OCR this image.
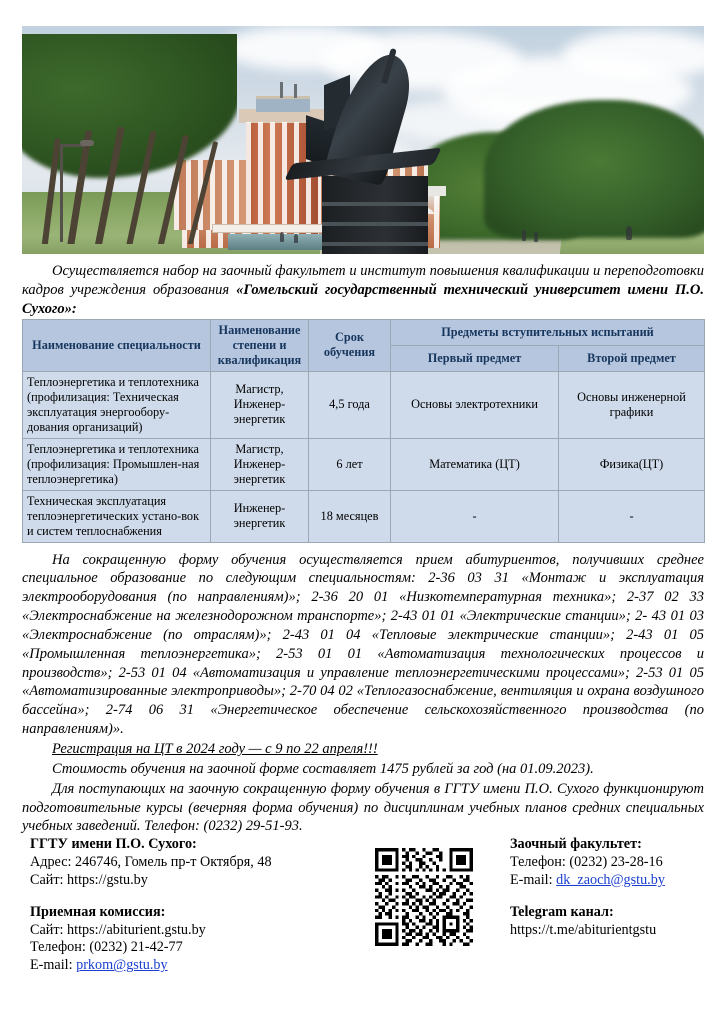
Осуществляется набор на заочный факультет и институт повышения квалификации и переподготовки кадров учреждения образования «Гомельский государственный технический университет имени П.О. Сухого»:

Наименование специальности	Наименование степени и квалификация	Срок обучения	Предметы вступительных испытаний	
			Первый предмет	Второй предмет
Теплоэнергетика и теплотехника (профилизация: Техническая эксплуатация энергообору-дования организаций)	Магистр, Инженер-энергетик	4,5 года	Основы электротехники	Основы инженерной графики
Теплоэнергетика и теплотехника (профилизация: Промышлен-ная теплоэнергетика)	Магистр, Инженер-энергетик	6 лет	Математика (ЦТ)	Физика(ЦТ)
Техническая эксплуатация теплоэнергетических устано-вок и систем теплоснабжения	Инженер-энергетик	18 месяцев	-	-

На сокращенную форму обучения осуществляется прием абитуриентов, получивших среднее специальное образование по следующим специальностям: 2-36 03 31 «Монтаж и эксплуатация электрооборудования (по направлениям)»; 2-36 20 01 «Низкотемпературная техника»; 2-37 02 33 «Электроснабжение на железнодорожном транспорте»; 2-43 01 01 «Электрические станции»; 2- 43 01 03 «Электроснабжение (по отраслям)»; 2-43 01 04 «Тепловые электрические станции»; 2-43 01 05 «Промышленная теплоэнергетика»; 2-53 01 01 «Автоматизация технологических процессов и производств»; 2-53 01 04 «Автоматизация и управление теплоэнергетическими процессами»; 2-53 01 05 «Автоматизированные электроприводы»; 2-70 04 02 «Теплогазоснабжение, вентиляция и охрана воздушного бассейна»; 2-74 06 31 «Энергетическое обеспечение сельскохозяйственного производства (по направлениям)».

Регистрация на ЦТ в 2024 году — с 9 по 22 апреля!!!

Стоимость обучения на заочной форме составляет 1475 рублей за год (на 01.09.2023).

Для поступающих на заочную сокращенную форму обучения в ГГТУ имени П.О. Сухого функционируют подготовительные курсы (вечерняя форма обучения) по дисциплинам учебных планов средних специальных учебных заведений. Телефон: (0232) 29-51-93.

ГГТУ имени П.О. Сухого:
Адрес: 246746, Гомель пр-т Октября, 48
Сайт: https://gstu.by
Приемная комиссия:
Сайт: https://abiturient.gstu.by
Телефон: (0232) 21-42-77
E-mail: prkom@gstu.by
Заочный факультет:
Телефон: (0232) 23-28-16
E-mail: dk_zaoch@gstu.by
Telegram канал:
https://t.me/abiturientgstu
